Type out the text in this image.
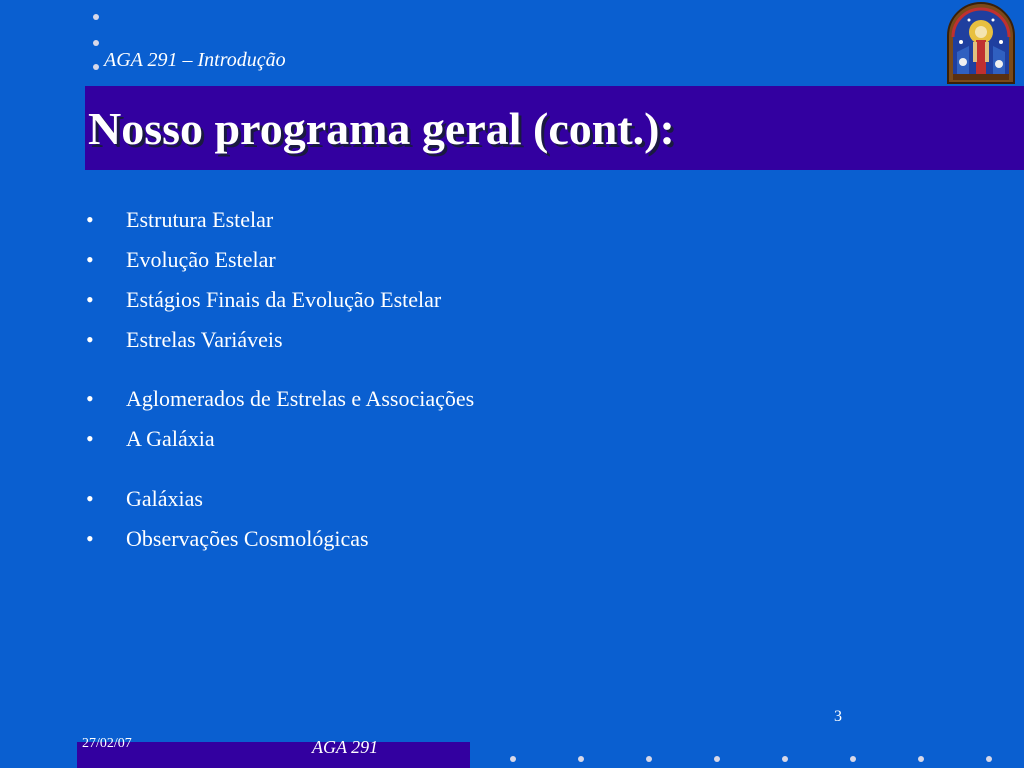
AGA 291 – Introdução
Nosso programa geral (cont.):
•	Estrutura Estelar
•	Evolução Estelar
•	Estágios Finais da Evolução Estelar
•	Estrelas Variáveis
•	Aglomerados de Estrelas e Associações
•	A Galáxia
•	Galáxias
•	Observações Cosmológicas
3
27/02/07	AGA 291
